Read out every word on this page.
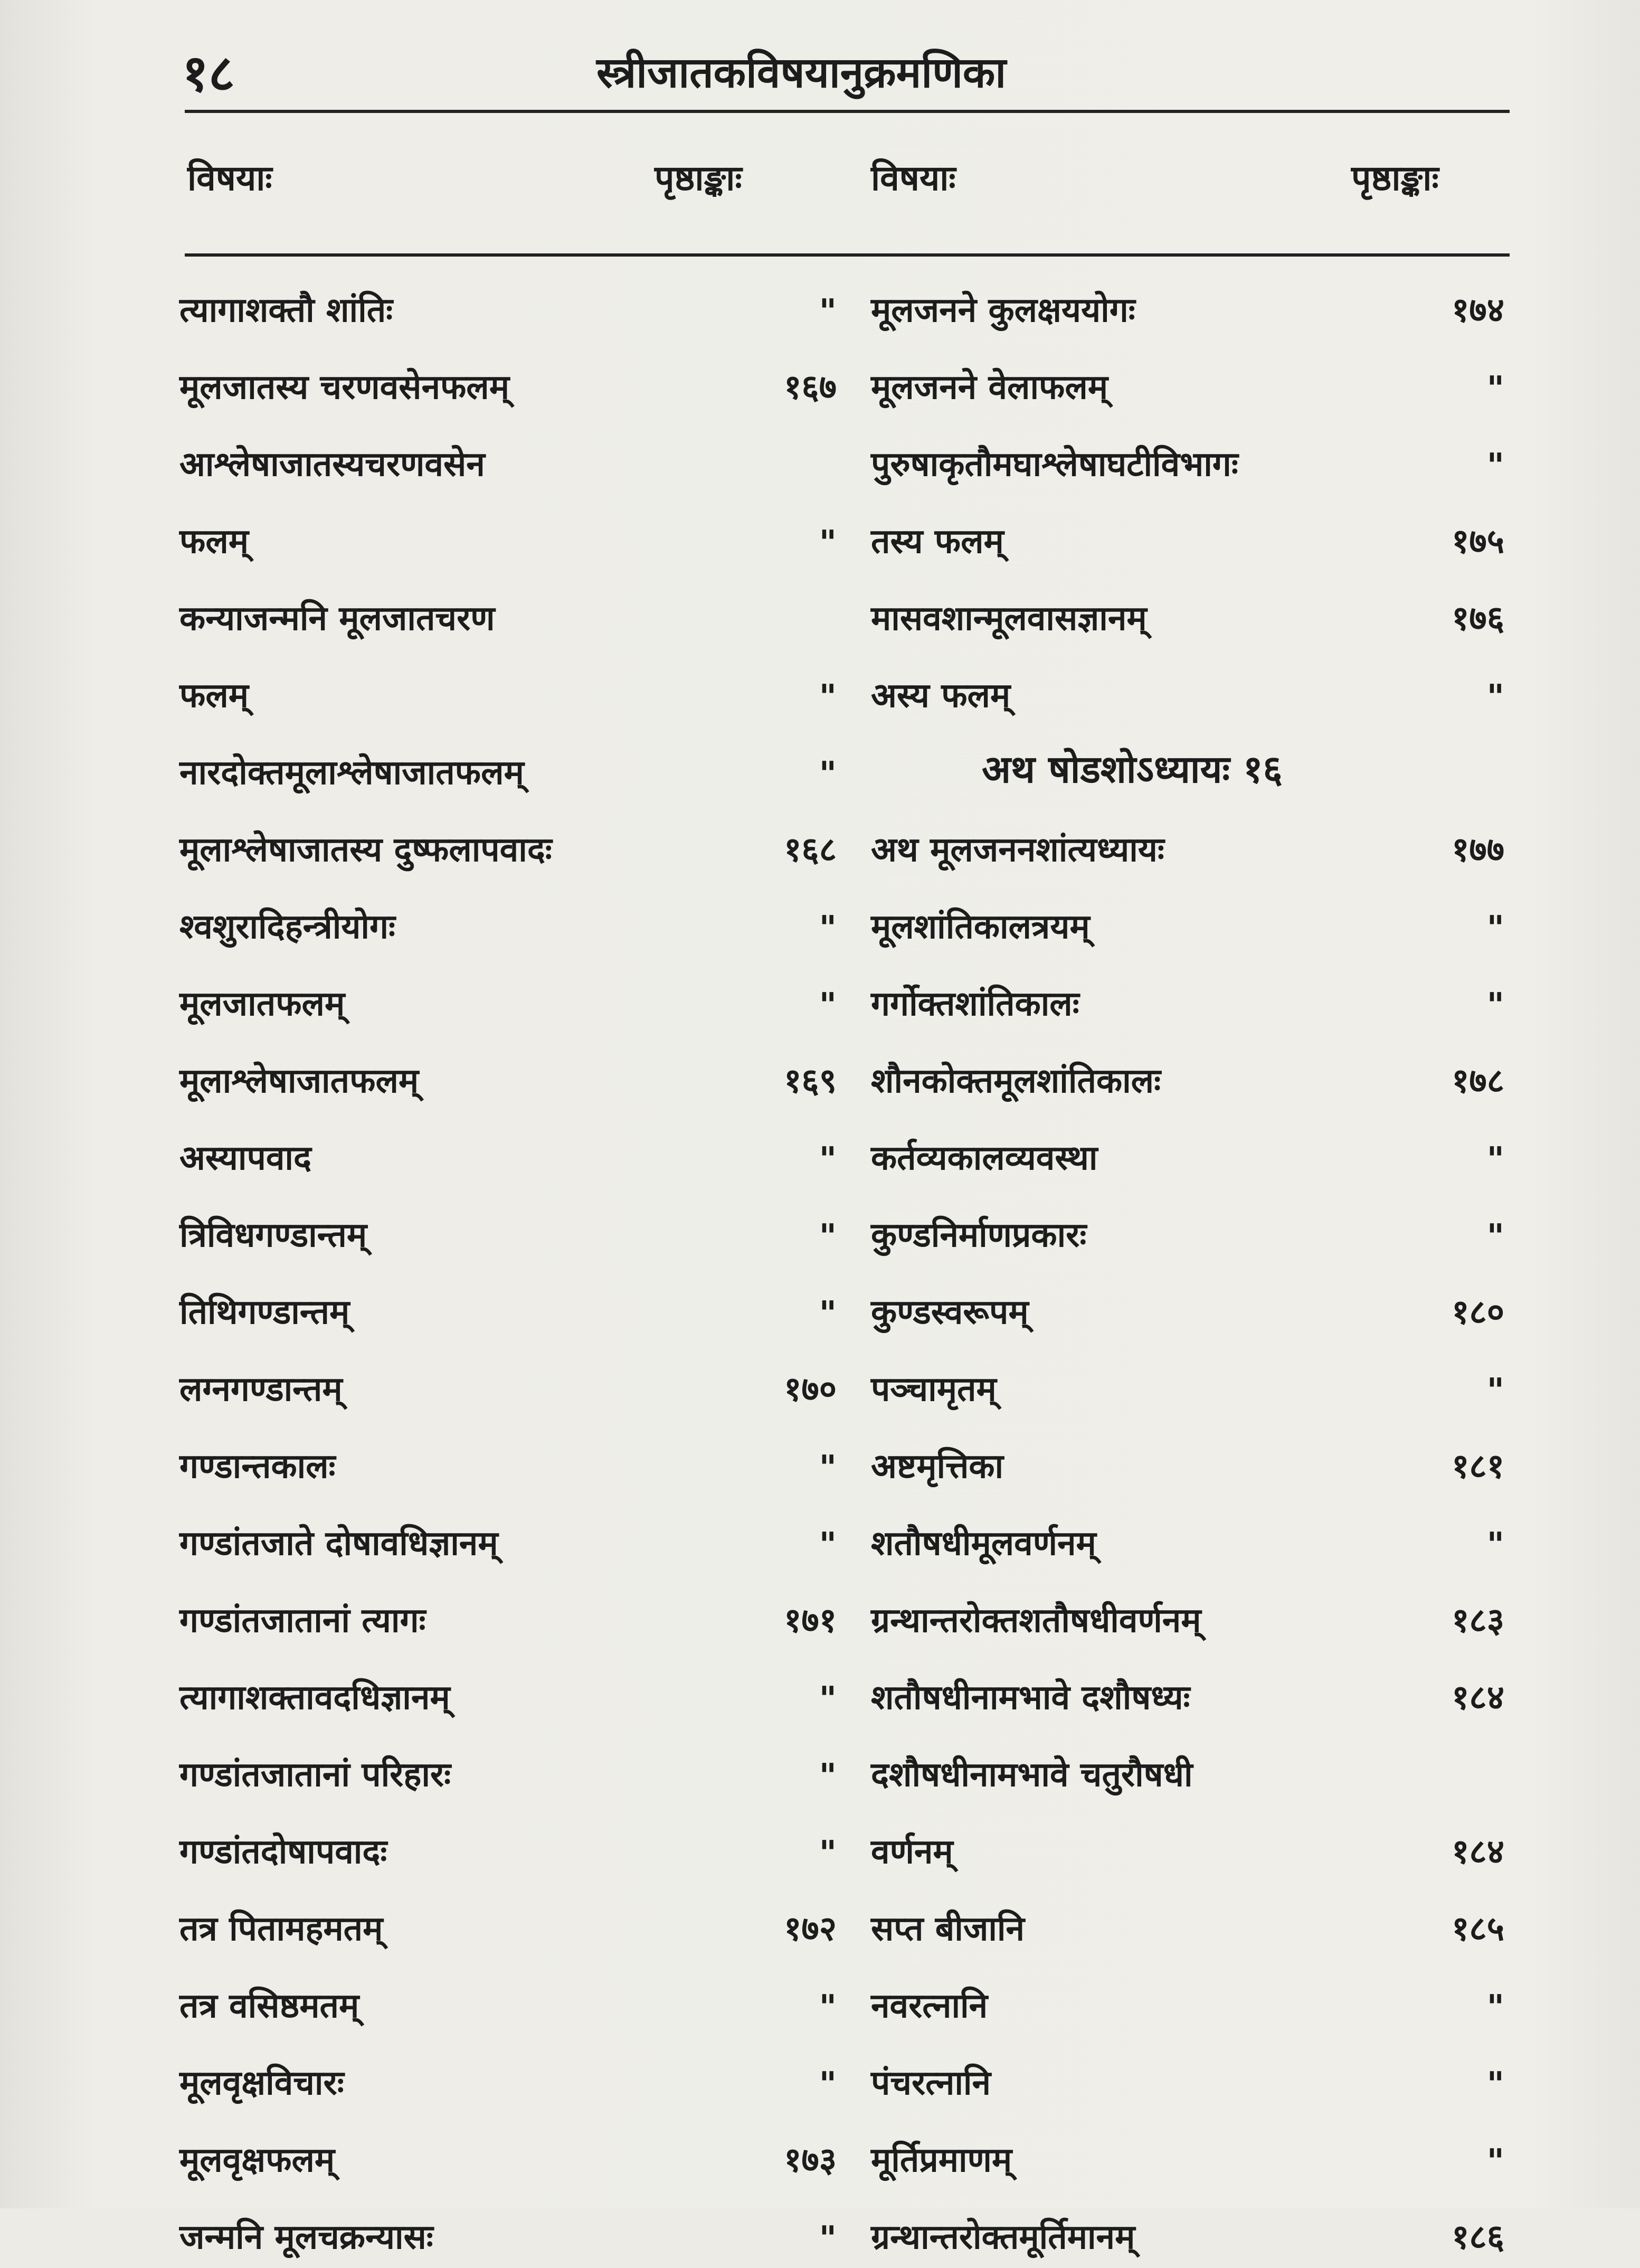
१८	स्त्रीजातकविषयानुक्रमणिका
विषयाः	पृष्ठाङ्काः	विषयाः	पृष्ठाङ्काः
त्यागाशक्तौ शांतिः	"
मूलजातस्य चरणवसेनफलम्	१६७
आश्लेषाजातस्यचरणवसेन
फलम्	"
कन्याजन्मनि मूलजातचरण
फलम्	"
नारदोक्तमूलाश्लेषाजातफलम्	"
मूलाश्लेषाजातस्य दुष्फलापवादः	१६८
श्वशुरादिहन्त्रीयोगः	"
मूलजातफलम्	"
मूलाश्लेषाजातफलम्	१६९
अस्यापवाद	"
त्रिविधगण्डान्तम्	"
तिथिगण्डान्तम्	"
लग्नगण्डान्तम्	१७०
गण्डान्तकालः	"
गण्डांतजाते दोषावधिज्ञानम्	"
गण्डांतजातानां त्यागः	१७१
त्यागाशक्तावदधिज्ञानम्	"
गण्डांतजातानां परिहारः	"
गण्डांतदोषापवादः	"
तत्र पितामहमतम्	१७२
तत्र वसिष्ठमतम्	"
मूलवृक्षविचारः	"
मूलवृक्षफलम्	१७३
जन्मनि मूलचक्रन्यासः	"
मूलजनने कुलक्षययोगः	१७४
मूलजनने वेलाफलम्	"
पुरुषाकृतौमघाश्लेषाघटीविभागः	"
तस्य फलम्	१७५
मासवशान्मूलवासज्ञानम्	१७६
अस्य फलम्	"
अथ षोडशोऽध्यायः १६
अथ मूलजननशांत्यध्यायः	१७७
मूलशांतिकालत्रयम्	"
गर्गोक्तशांतिकालः	"
शौनकोक्तमूलशांतिकालः	१७८
कर्तव्यकालव्यवस्था	"
कुण्डनिर्माणप्रकारः	"
कुण्डस्वरूपम्	१८०
पञ्चामृतम्	"
अष्टमृत्तिका	१८१
शतौषधीमूलवर्णनम्	"
ग्रन्थान्तरोक्तशतौषधीवर्णनम्	१८३
शतौषधीनामभावे दशौषध्यः	१८४
दशौषधीनामभावे चतुरौषधी
वर्णनम्	१८४
सप्त बीजानि	१८५
नवरत्नानि	"
पंचरत्नानि	"
मूर्तिप्रमाणम्	"
ग्रन्थान्तरोक्तमूर्तिमानम्	१८६
